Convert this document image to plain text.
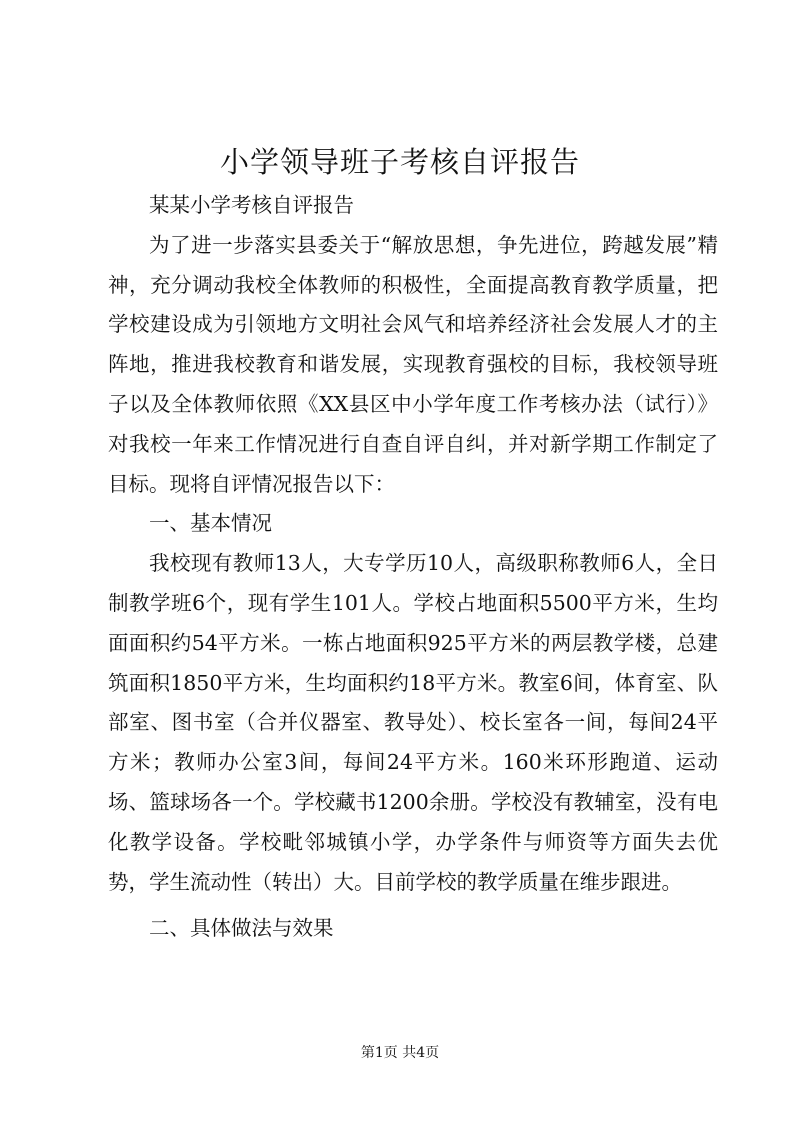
小学领导班子考核自评报告

某某小学考核自评报告

为了进一步落实县委关于“解放思想，争先进位，跨越发展”精神，充分调动我校全体教师的积极性，全面提高教育教学质量，把学校建设成为引领地方文明社会风气和培养经济社会发展人才的主阵地，推进我校教育和谐发展，实现教育强校的目标，我校领导班子以及全体教师依照《XX县区中小学年度工作考核办法（试行）》对我校一年来工作情况进行自查自评自纠，并对新学期工作制定了目标。现将自评情况报告以下：

一、基本情况

我校现有教师13人，大专学历10人，高级职称教师6人，全日制教学班6个，现有学生101人。学校占地面积5500平方米，生均面面积约54平方米。一栋占地面积925平方米的两层教学楼，总建筑面积1850平方米，生均面积约18平方米。教室6间，体育室、队部室、图书室（合并仪器室、教导处）、校长室各一间，每间24平方米；教师办公室3间，每间24平方米。160米环形跑道、运动场、篮球场各一个。学校藏书1200余册。学校没有教辅室，没有电化教学设备。学校毗邻城镇小学，办学条件与师资等方面失去优势，学生流动性（转出）大。目前学校的教学质量在维步跟进。

二、具体做法与效果

第1页 共4页
